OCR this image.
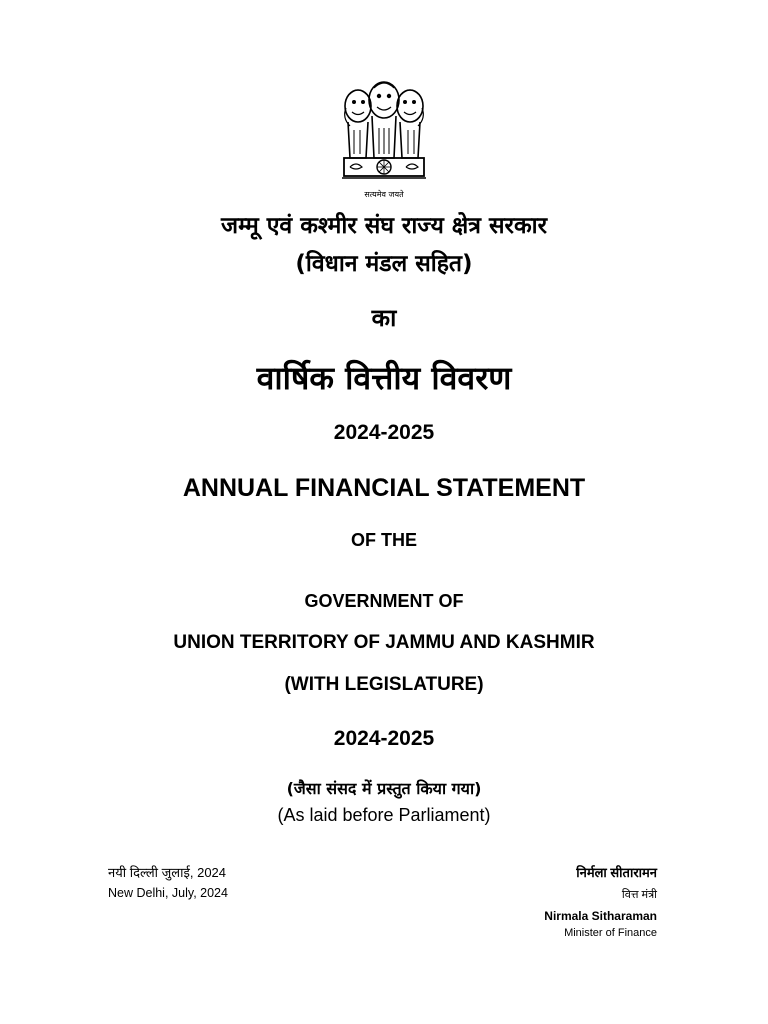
सत्यमेव जयते
जम्मू एवं कश्मीर संघ राज्य क्षेत्र सरकार
(विधान मंडल सहित)
का
वार्षिक वित्तीय विवरण
2024-2025
ANNUAL FINANCIAL STATEMENT
OF THE
GOVERNMENT OF
UNION TERRITORY OF JAMMU AND KASHMIR
(WITH LEGISLATURE)
2024-2025
(जैसा संसद में प्रस्तुत किया गया)
(As laid before Parliament)
नयी दिल्ली जुलाई, 2024
New Delhi, July, 2024
निर्मला सीतारामन
वित्त मंत्री
Nirmala Sitharaman
Minister of Finance
